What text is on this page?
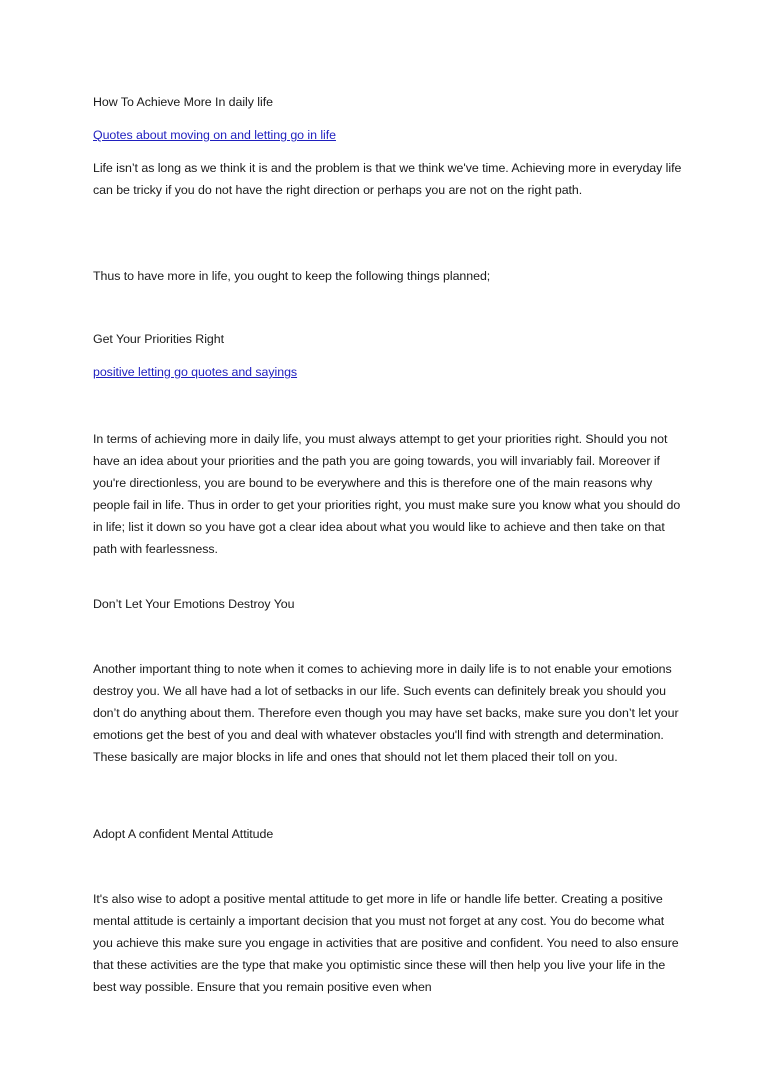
How To Achieve More In daily life

Quotes about moving on and letting go in life

Life isn’t as long as we think it is and the problem is that we think we've time. Achieving more in everyday life can be tricky if you do not have the right direction or perhaps you are not on the right path.

Thus to have more in life, you ought to keep the following things planned;

Get Your Priorities Right

positive letting go quotes and sayings

In terms of achieving more in daily life, you must always attempt to get your priorities right. Should you not have an idea about your priorities and the path you are going towards, you will invariably fail. Moreover if you're directionless, you are bound to be everywhere and this is therefore one of the main reasons why people fail in life. Thus in order to get your priorities right, you must make sure you know what you should do in life; list it down so you have got a clear idea about what you would like to achieve and then take on that path with fearlessness.

Don’t Let Your Emotions Destroy You

Another important thing to note when it comes to achieving more in daily life is to not enable your emotions destroy you. We all have had a lot of setbacks in our life. Such events can definitely break you should you don’t do anything about them. Therefore even though you may have set backs, make sure you don’t let your emotions get the best of you and deal with whatever obstacles you'll find with strength and determination. These basically are major blocks in life and ones that should not let them placed their toll on you.

Adopt A confident Mental Attitude

It's also wise to adopt a positive mental attitude to get more in life or handle life better. Creating a positive mental attitude is certainly a important decision that you must not forget at any cost. You do become what you achieve this make sure you engage in activities that are positive and confident. You need to also ensure that these activities are the type that make you optimistic since these will then help you live your life in the best way possible. Ensure that you remain positive even when
